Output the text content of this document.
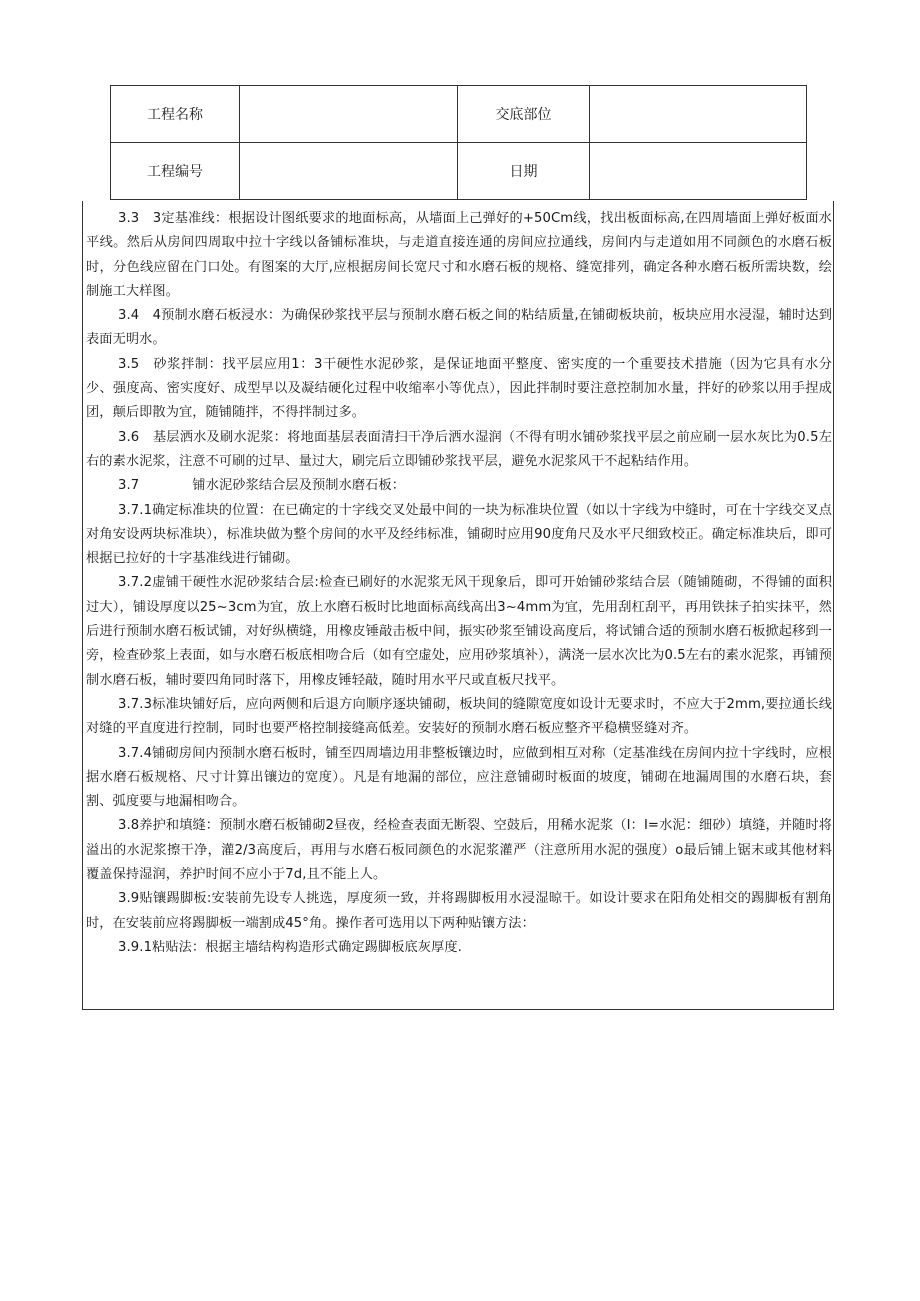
工程名称		交底部位	
工程编号		日期	

3.3　3定基准线：根据设计图纸要求的地面标高，从墙面上己弹好的+50Cm线，找出板面标高,在四周墙面上弹好板面水平线。然后从房间四周取中拉十字线以备铺标准块，与走道直接连通的房间应拉通线，房间内与走道如用不同颜色的水磨石板时，分色线应留在门口处。有图案的大厅,应根据房间长宽尺寸和水磨石板的规格、缝宽排列，确定各种水磨石板所需块数，绘制施工大样图。

3.4　4预制水磨石板浸水：为确保砂浆找平层与预制水磨石板之间的粘结质量,在铺砌板块前，板块应用水浸湿，辅时达到表面无明水。

3.5　砂浆拌制：找平层应用1：3干硬性水泥砂浆，是保证地面平整度、密实度的一个重要技术措施（因为它具有水分少、强度高、密实度好、成型早以及凝结硬化过程中收缩率小等优点），因此拌制时要注意控制加水量，拌好的砂浆以用手捏成团，颠后即散为宜，随铺随拌，不得拌制过多。

3.6　基层洒水及刷水泥浆：将地面基层表面清扫干净后洒水湿润（不得有明水铺砂浆找平层之前应刷一层水灰比为0.5左右的素水泥浆，注意不可刷的过早、量过大，刷完后立即铺砂浆找平层，避免水泥浆风干不起粘结作用。

3.7　　　　铺水泥砂浆结合层及预制水磨石板：

3.7.1确定标准块的位置：在已确定的十字线交叉处最中间的一块为标准块位置（如以十字线为中缝时，可在十字线交叉点对角安设两块标准块），标准块做为整个房间的水平及经纬标准，铺砌时应用90度角尺及水平尺细致校正。确定标准块后，即可根据已拉好的十字基准线进行铺砌。

3.7.2虚铺干硬性水泥砂浆结合层:检查已刷好的水泥浆无风干现象后，即可开始铺砂浆结合层（随铺随砌，不得铺的面积过大），铺设厚度以25~3cm为宜，放上水磨石板时比地面标高线高出3~4mm为宜，先用刮杠刮平，再用铁抹子拍实抹平，然后进行预制水磨石板试铺，对好纵横缝，用橡皮锤敲击板中间，振实砂浆至铺设高度后，将试铺合适的预制水磨石板掀起移到一旁，检查砂浆上表面，如与水磨石板底相吻合后（如有空虚处，应用砂浆填补），满浇一层水次比为0.5左右的素水泥浆，再铺预制水磨石板，辅时要四角同时落下，用橡皮锤轻敲，随时用水平尺或直板尺找平。

3.7.3标准块铺好后，应向两侧和后退方向顺序逐块铺砌，板块间的缝隙宽度如设计无要求时，不应大于2mm,要拉通长线对缝的平直度进行控制，同时也要严格控制接缝高低差。安装好的预制水磨石板应整齐平稳横竖缝对齐。

3.7.4铺砌房间内预制水磨石板时，铺至四周墙边用非整板镶边时，应做到相互对称（定基准线在房间内拉十字线时，应根据水磨石板规格、尺寸计算出镶边的宽度）。凡是有地漏的部位，应注意铺砌时板面的坡度，铺砌在地漏周围的水磨石块，套割、弧度要与地漏相吻合。

3.8养护和填缝：预制水磨石板铺砌2昼夜，经检查表面无断裂、空鼓后，用稀水泥浆（I：I=水泥：细砂）填缝，并随时将溢出的水泥浆擦干净，灌2/3高度后，再用与水磨石板同颜色的水泥浆灌严（注意所用水泥的强度）o最后铺上锯末或其他材料覆盖保持湿润，养护时间不应小于7d,且不能上人。

3.9贴镶踢脚板:安装前先设专人挑选，厚度须一致，并将踢脚板用水浸湿晾干。如设计要求在阳角处相交的踢脚板有割角时，在安装前应将踢脚板一端割成45°角。操作者可选用以下两种贴镶方法：

3.9.1粘贴法：根据主墙结构构造形式确定踢脚板底灰厚度.
